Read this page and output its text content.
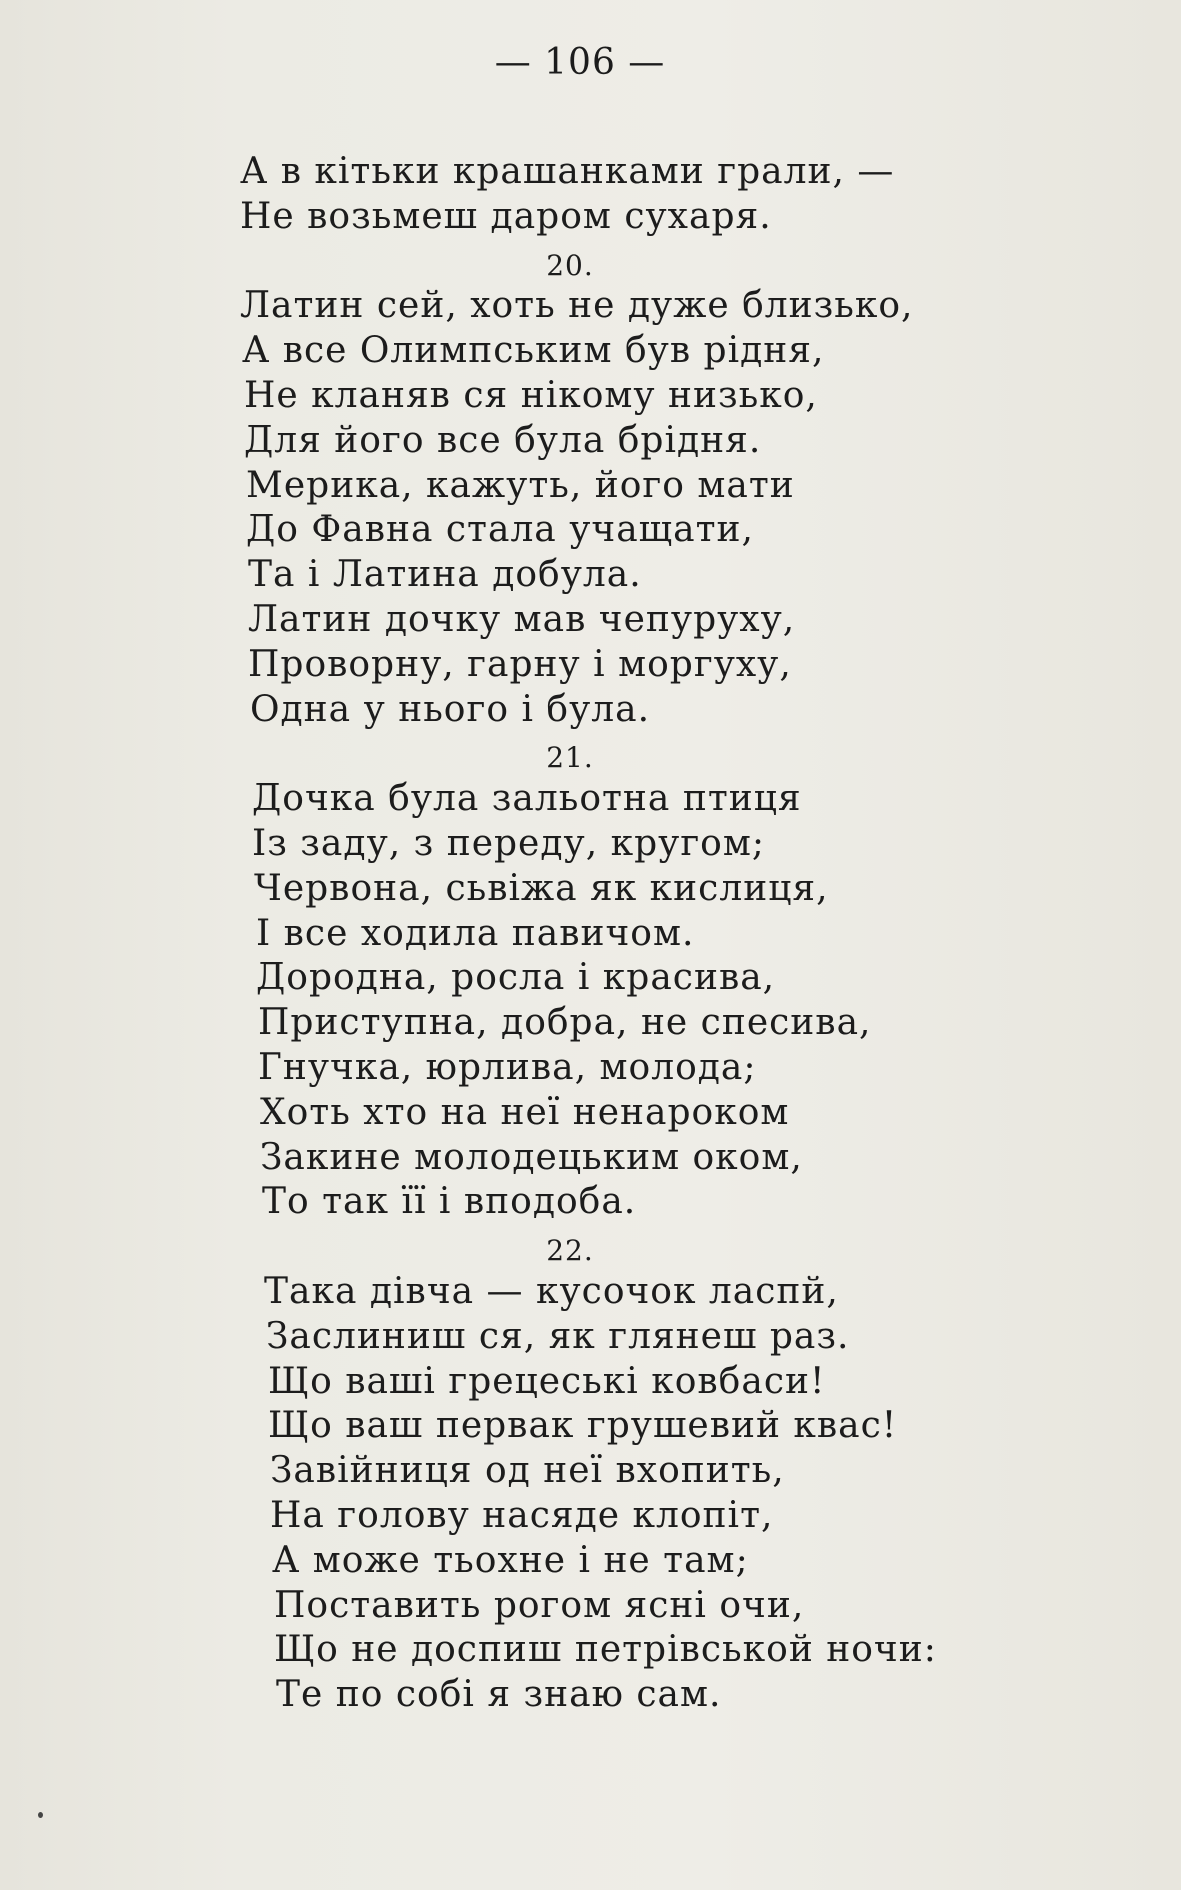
— 106 —
А в кітьки крашанками грали, —
Не возьмеш даром сухаря.
20.
Латин сей, хоть не дуже близько,
А все Олимпським був рідня,
Не кланяв ся нікому низько,
Для його все була брідня.
Мерика, кажуть, його мати
До Фавна стала учащати,
Та і Латина добула.
Латин дочку мав чепуруху,
Проворну, гарну і моргуху,
Одна у нього і була.
21.
Дочка була зальотна птиця
Із заду, з переду, кругом;
Червона, сьвіжа як кислиця,
І все ходила павичом.
Дородна, росла і красива,
Приступна, добра, не спесива,
Гнучка, юрлива, молода;
Хоть хто на неї ненароком
Закине молодецьким оком,
То так її і вподоба.
22.
Така дівча — кусочок ласпй,
Заслиниш ся, як глянеш раз.
Що ваші грецеські ковбаси!
Що ваш первак грушевий квас!
Завійниця од неї вхопить,
На голову насяде клопіт,
А може тьохне і не там;
Поставить рогом ясні очи,
Що не доспиш петрівськой ночи:
Те по собі я знаю сам.
